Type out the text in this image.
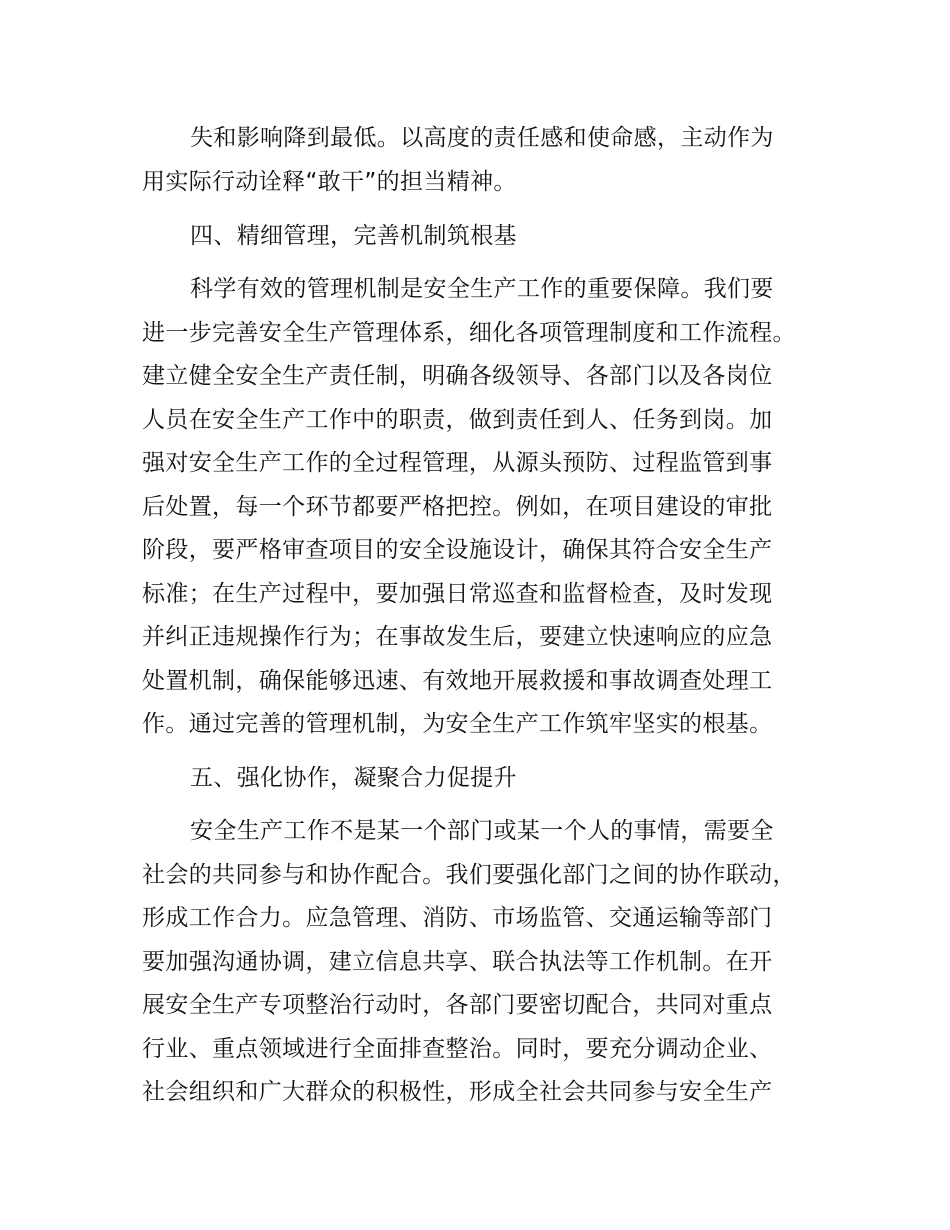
失和影响降到最低。以高度的责任感和使命感，主动作为
用实际行动诠释“敢干”的担当精神。
四、精细管理，完善机制筑根基
科学有效的管理机制是安全生产工作的重要保障。我们要
进一步完善安全生产管理体系，细化各项管理制度和工作流程。
建立健全安全生产责任制，明确各级领导、各部门以及各岗位
人员在安全生产工作中的职责，做到责任到人、任务到岗。加
强对安全生产工作的全过程管理，从源头预防、过程监管到事
后处置，每一个环节都要严格把控。例如，在项目建设的审批
阶段，要严格审查项目的安全设施设计，确保其符合安全生产
标准；在生产过程中，要加强日常巡查和监督检查，及时发现
并纠正违规操作行为；在事故发生后，要建立快速响应的应急
处置机制，确保能够迅速、有效地开展救援和事故调查处理工
作。通过完善的管理机制，为安全生产工作筑牢坚实的根基。
五、强化协作，凝聚合力促提升
安全生产工作不是某一个部门或某一个人的事情，需要全
社会的共同参与和协作配合。我们要强化部门之间的协作联动，
形成工作合力。应急管理、消防、市场监管、交通运输等部门
要加强沟通协调，建立信息共享、联合执法等工作机制。在开
展安全生产专项整治行动时，各部门要密切配合，共同对重点
行业、重点领域进行全面排查整治。同时，要充分调动企业、
社会组织和广大群众的积极性，形成全社会共同参与安全生产
